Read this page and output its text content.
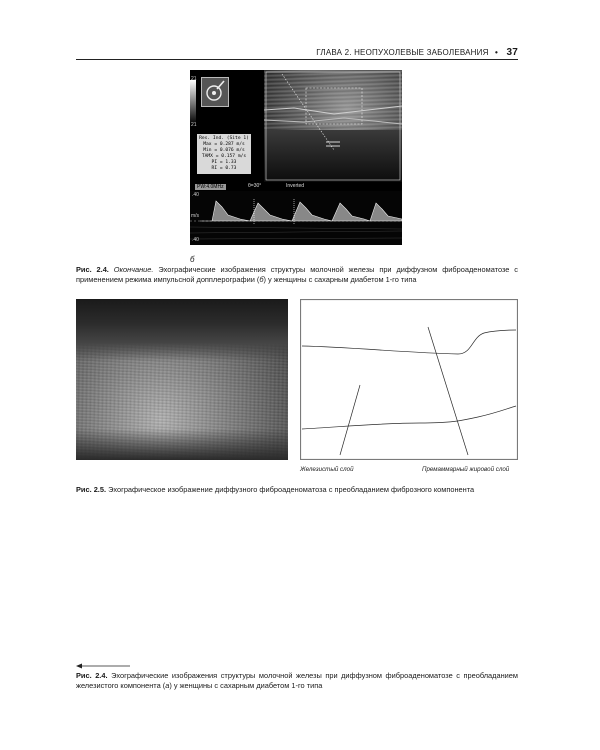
ГЛАВА 2. НЕОПУХОЛЕВЫЕ ЗАБОЛЕВАНИЯ • 37
21
21
Res. Ind. (Site 1)
Max = 0.287 m/s
Min = 0.076 m/s
TAMX = 0.157 m/s
PI = 1.33
RI = 0.73
PW:4.0MHz	θ=30°	Inverted
.40
m/s
.40
б
Рис. 2.4. Окончание. Эхографические изображения структуры молочной железы при диффузном фиброаденоматозе с применением режима импульсной допплерографии (б) у женщины с сахарным диабетом 1-го типа
Железистый слой	Премаммарный жировой слой
Рис. 2.5. Эхографическое изображение диффузного фиброаденоматоза с преобладанием фиброзного компонента
Рис. 2.4. Эхографические изображения структуры молочной железы при диффузном фиброаденоматозе с преобладанием железистого компонента (а) у женщины с сахарным диабетом 1-го типа
